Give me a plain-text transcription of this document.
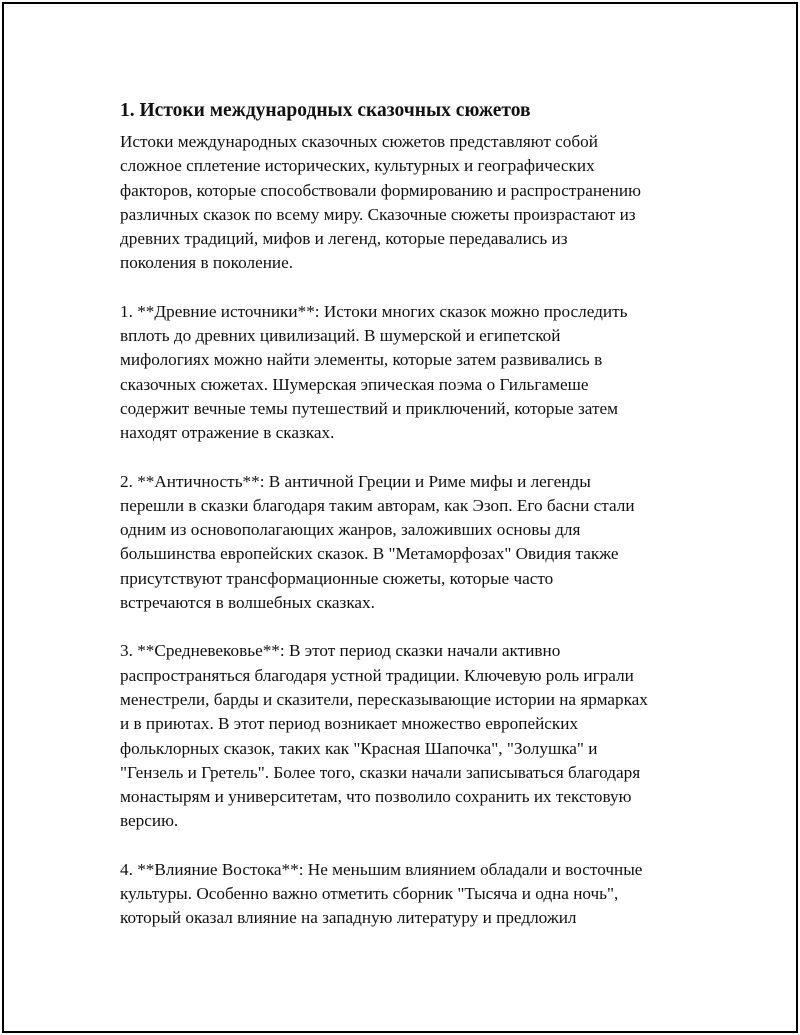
1. Истоки международных сказочных сюжетов

Истоки международных сказочных сюжетов представляют собой
сложное сплетение исторических, культурных и географических
факторов, которые способствовали формированию и распространению
различных сказок по всему миру. Сказочные сюжеты произрастают из
древних традиций, мифов и легенд, которые передавались из
поколения в поколение.

1. **Древние источники**: Истоки многих сказок можно проследить
вплоть до древних цивилизаций. В шумерской и египетской
мифологиях можно найти элементы, которые затем развивались в
сказочных сюжетах. Шумерская эпическая поэма о Гильгамеше
содержит вечные темы путешествий и приключений, которые затем
находят отражение в сказках.

2. **Античность**: В античной Греции и Риме мифы и легенды
перешли в сказки благодаря таким авторам, как Эзоп. Его басни стали
одним из основополагающих жанров, заложивших основы для
большинства европейских сказок. В "Метаморфозах" Овидия также
присутствуют трансформационные сюжеты, которые часто
встречаются в волшебных сказках.

3. **Средневековье**: В этот период сказки начали активно
распространяться благодаря устной традиции. Ключевую роль играли
менестрели, барды и сказители, пересказывающие истории на ярмарках
и в приютах. В этот период возникает множество европейских
фольклорных сказок, таких как "Красная Шапочка", "Золушка" и
"Гензель и Гретель". Более того, сказки начали записываться благодаря
монастырям и университетам, что позволило сохранить их текстовую
версию.

4. **Влияние Востока**: Не меньшим влиянием обладали и восточные
культуры. Особенно важно отметить сборник "Тысяча и одна ночь",
который оказал влияние на западную литературу и предложил
